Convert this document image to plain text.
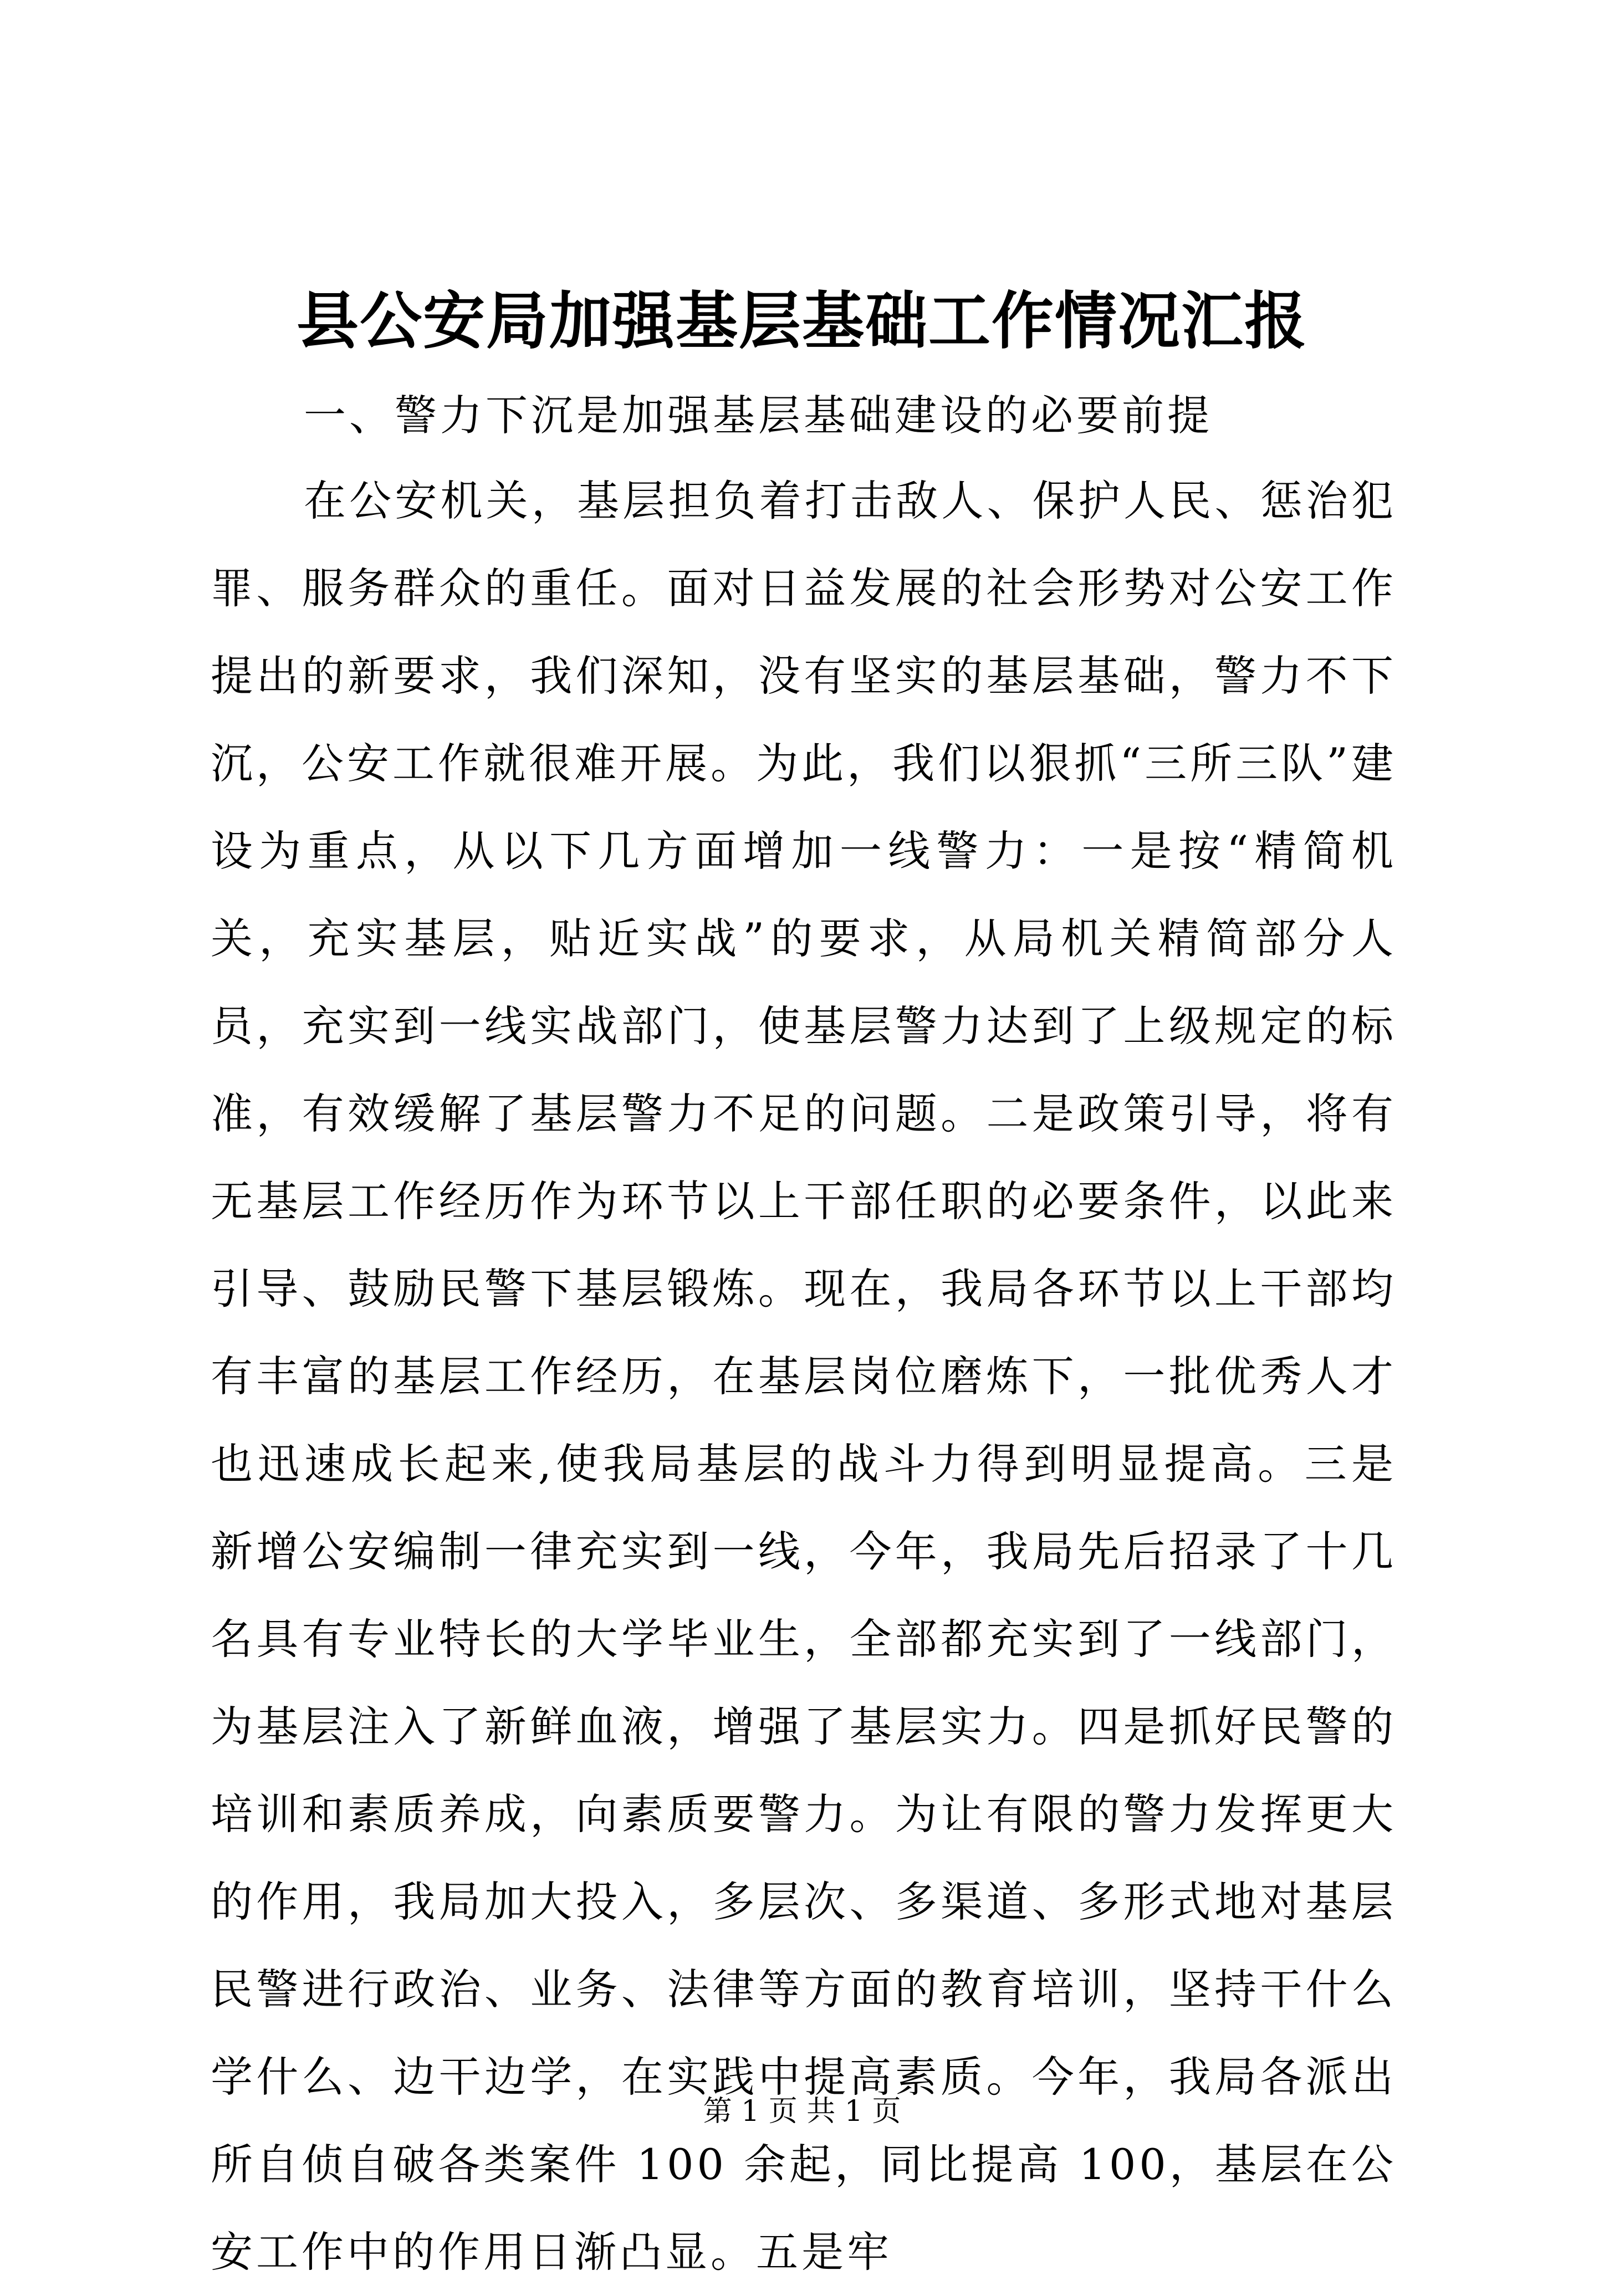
县公安局加强基层基础工作情况汇报
一、警力下沉是加强基层基础建设的必要前提

在公安机关，基层担负着打击敌人、保护人民、惩治犯罪、服务群众的重任。面对日益发展的社会形势对公安工作提出的新要求，我们深知，没有坚实的基层基础，警力不下沉，公安工作就很难开展。为此，我们以狠抓“三所三队”建设为重点，从以下几方面增加一线警力：一是按“精简机关，充实基层，贴近实战”的要求，从局机关精简部分人员，充实到一线实战部门，使基层警力达到了上级规定的标准，有效缓解了基层警力不足的问题。二是政策引导，将有无基层工作经历作为环节以上干部任职的必要条件，以此来引导、鼓励民警下基层锻炼。现在，我局各环节以上干部均有丰富的基层工作经历，在基层岗位磨炼下，一批优秀人才也迅速成长起来,使我局基层的战斗力得到明显提高。三是新增公安编制一律充实到一线，今年，我局先后招录了十几名具有专业特长的大学毕业生，全部都充实到了一线部门，为基层注入了新鲜血液，增强了基层实力。四是抓好民警的培训和素质养成，向素质要警力。为让有限的警力发挥更大的作用，我局加大投入，多层次、多渠道、多形式地对基层民警进行政治、业务、法律等方面的教育培训，坚持干什么学什么、边干边学，在实践中提高素质。今年，我局各派出所自侦自破各类案件 100 余起，同比提高 100，基层在公安工作中的作用日渐凸显。五是牢

第 1 页 共 1 页
